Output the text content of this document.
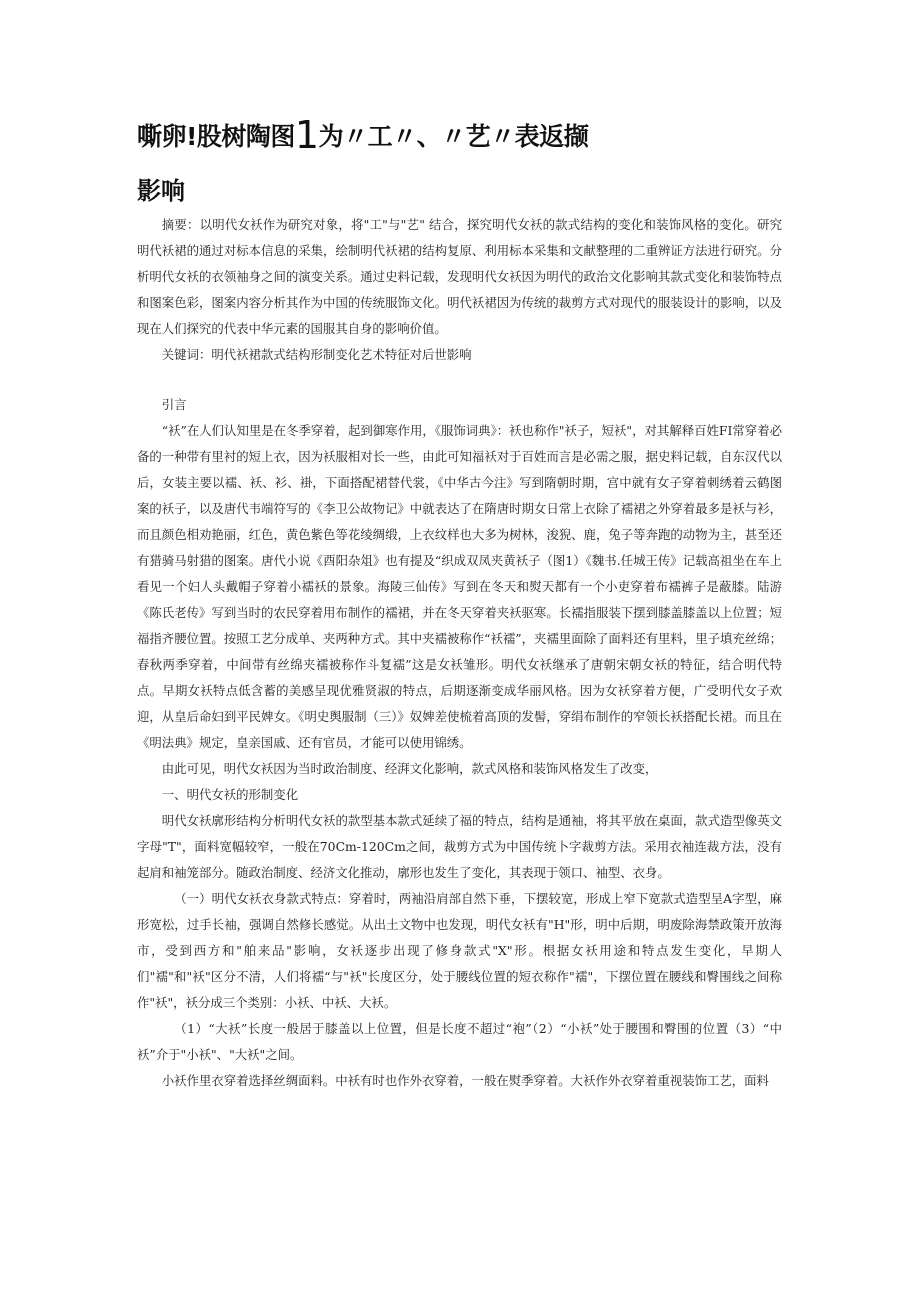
嘶卵!股树陶图1为〃工〃、〃艺〃表返撷
影响

摘要：以明代女袄作为研究对象，将"工"与"艺" 结合，探究明代女袄的款式结构的变化和装饰风格的变化。研究明代袄裙的通过对标本信息的采集，绘制明代袄裙的结构复原、利用标本采集和文献整理的二重辨证方法进行研究。分析明代女袄的衣领袖身之间的演变关系。通过史料记载，发现明代女袄因为明代的政治文化影响其款式变化和装饰特点和图案色彩，图案内容分析其作为中国的传统服饰文化。明代袄裙因为传统的裁剪方式对现代的服装设计的影响，以及现在人们探究的代表中华元素的国服其自身的影响价值。

关键词：明代袄裙款式结构形制变化艺术特征对后世影响

引言

“袄”在人们认知里是在冬季穿着，起到御寒作用，《服饰词典》：袄也称作"袄子，短袄"，对其解释百姓FI常穿着必备的一种带有里衬的短上衣，因为袄服相对长一些，由此可知福袄对于百姓而言是必需之服，据史料记载，自东汉代以后，女装主要以襦、袄、衫、褂，下面搭配裙替代裳，《中华古今注》写到隋朝时期，宫中就有女子穿着刺绣着云鹤图案的袄子，以及唐代韦端符写的《李卫公故物记》中就表达了在隋唐时期女日常上衣除了襦裙之外穿着最多是袄与衫，而且颜色相劝艳丽，红色，黄色紫色等花绫绸缎，上衣纹样也大多为树林，浚猊、鹿，兔子等奔跑的动物为主，甚至还有猎骑马射猎的图案。唐代小说《酉阳杂俎》也有提及“织成双凤夹黄袄子（图1）《魏书.任城王传》记载高祖坐在车上看见一个妇人头戴帽子穿着小襦袄的景象。海陵三仙传》写到在冬天和熨天都有一个小吏穿着布襦裤子是蔽膝。陆游《陈氏老传》写到当时的农民穿着用布制作的襦裙，并在冬天穿着夹袄驱寒。长襦指服装下摆到膝盖膝盖以上位置；短福指齐腰位置。按照工艺分成单、夹两种方式。其中夹襦被称作“袄襦”，夹襦里面除了面料还有里料，里子填充丝绵；春秋两季穿着，中间带有丝绵夹襦被称作斗复襦”这是女袄雏形。明代女袄继承了唐朝宋朝女袄的特征，结合明代特点。早期女袄特点低含蓄的美感呈现优雅贤淑的特点，后期逐渐变成华丽风格。因为女袄穿着方便，广受明代女子欢迎，从皇后命妇到平民婢女。《明史舆服制（三）》奴婢差使梳着高顶的发髻，穿绢布制作的窄领长袄搭配长裙。而且在《明法典》规定，皇亲国戚、还有官员，才能可以使用锦绣。

由此可见，明代女袄因为当时政治制度、经湃文化影响，款式风格和装饰风格发生了改变，

一、明代女袄的形制变化

明代女袄廓形结构分析明代女袄的款型基本款式延续了福的特点，结构是通袖，将其平放在桌面，款式造型像英文字母"T"，面料宽幅较窄，一般在70Cm-120Cm之间，裁剪方式为中国传统卜字裁剪方法。采用衣袖连裁方法，没有起肩和袖笼部分。随政治制度、经济文化推动，廓形也发生了变化，其表现于领口、袖型、衣身。

（一）明代女袄衣身款式特点：穿着时，两袖沿肩部自然下垂，下摆较宽，形成上窄下宽款式造型呈A字型，麻形宽松，过手长袖，强调自然修长感觉。从出土文物中也发现，明代女袄有"H"形，明中后期，明废除海禁政策开放海市，受到西方和"舶来品"影响，女袄逐步出现了修身款式"X"形。根据女袄用途和特点发生变化，早期人们"襦"和"袄"区分不清，人们将襦“与"袄"长度区分，处于腰线位置的短衣称作"襦"，下摆位置在腰线和臀围线之间称作"袄"，袄分成三个类别：小袄、中袄、大袄。

（1）“大袄”长度一般居于膝盖以上位置，但是长度不超过“袍”（2）“小袄”处于腰围和臀围的位置（3）“中袄”介于"小袄"、"大袄"之间。

小袄作里衣穿着选择丝绸面料。中袄有时也作外衣穿着，一般在熨季穿着。大袄作外衣穿着重视装饰工艺，面料
